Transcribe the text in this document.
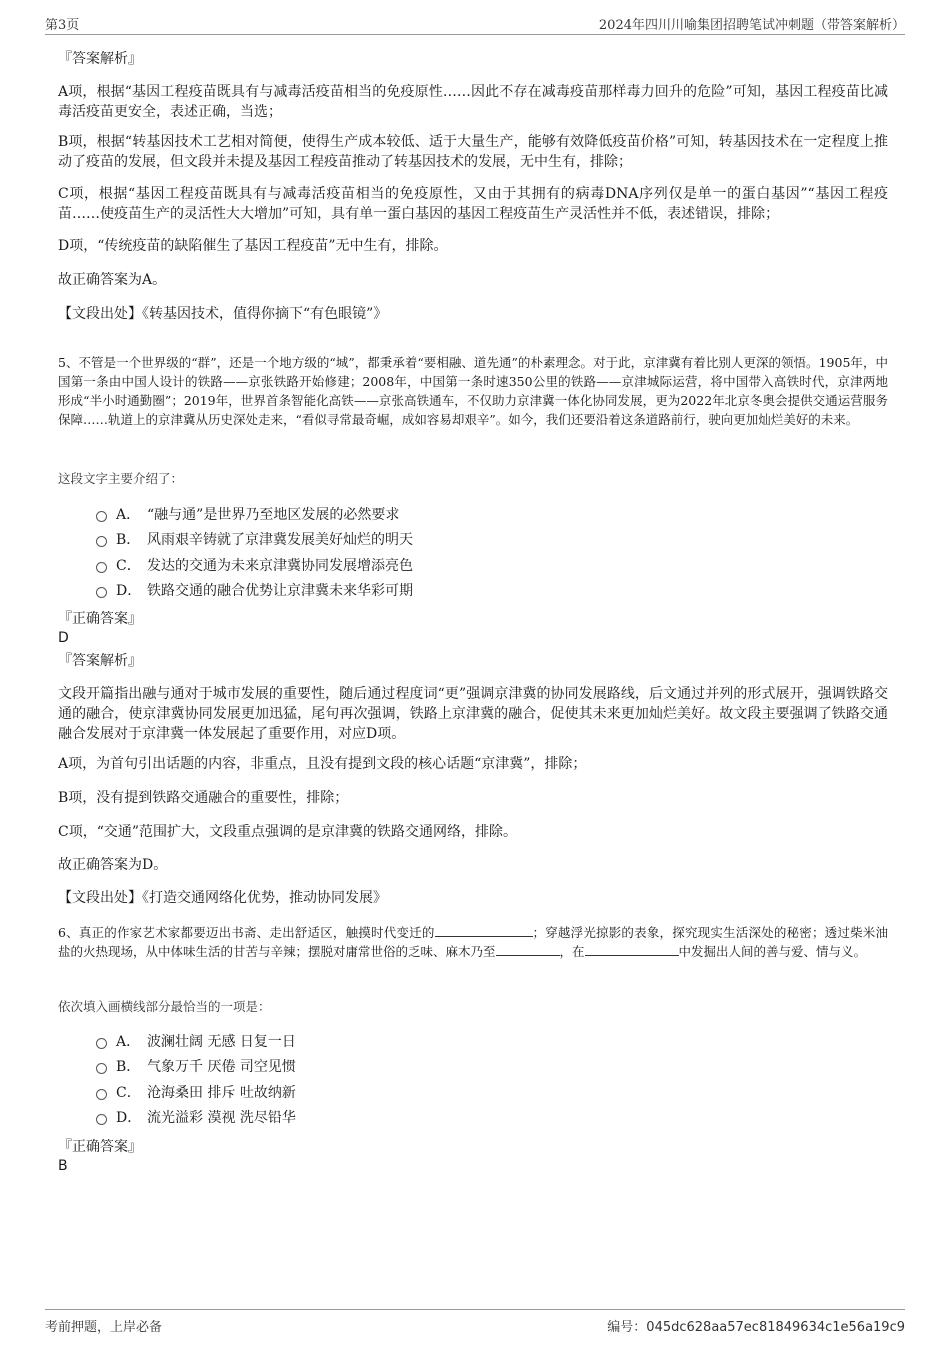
第3页	2024年四川川喻集团招聘笔试冲刺题（带答案解析）
『答案解析』

A项，根据“基因工程疫苗既具有与减毒活疫苗相当的免疫原性……因此不存在减毒疫苗那样毒力回升的危险”可知，基因工程疫苗比减毒活疫苗更安全，表述正确，当选；

B项，根据“转基因技术工艺相对简便，使得生产成本较低、适于大量生产，能够有效降低疫苗价格”可知，转基因技术在一定程度上推动了疫苗的发展，但文段并未提及基因工程疫苗推动了转基因技术的发展，无中生有，排除；

C项，根据“基因工程疫苗既具有与减毒活疫苗相当的免疫原性，又由于其拥有的病毒DNA序列仅是单一的蛋白基因”“基因工程疫苗……使疫苗生产的灵活性大大增加”可知，具有单一蛋白基因的基因工程疫苗生产灵活性并不低，表述错误，排除；

D项，“传统疫苗的缺陷催生了基因工程疫苗”无中生有，排除。

故正确答案为A。

【文段出处】《转基因技术，值得你摘下“有色眼镜”》

5、不管是一个世界级的“群”，还是一个地方级的“城”，都秉承着“要相融、道先通”的朴素理念。对于此，京津冀有着比别人更深的领悟。1905年，中国第一条由中国人设计的铁路——京张铁路开始修建；2008年，中国第一条时速350公里的铁路——京津城际运营，将中国带入高铁时代，京津两地形成“半小时通勤圈”；2019年，世界首条智能化高铁——京张高铁通车，不仅助力京津冀一体化协同发展，更为2022年北京冬奥会提供交通运营服务保障……轨道上的京津冀从历史深处走来，“看似寻常最奇崛，成如容易却艰辛”。如今，我们还要沿着这条道路前行，驶向更加灿烂美好的未来。

这段文字主要介绍了：

A． “融与通”是世界乃至地区发展的必然要求
B． 风雨艰辛铸就了京津冀发展美好灿烂的明天
C． 发达的交通为未来京津冀协同发展增添亮色
D． 铁路交通的融合优势让京津冀未来华彩可期
『正确答案』
D
『答案解析』

文段开篇指出融与通对于城市发展的重要性，随后通过程度词“更”强调京津冀的协同发展路线，后文通过并列的形式展开，强调铁路交通的融合，使京津冀协同发展更加迅猛，尾句再次强调，铁路上京津冀的融合，促使其未来更加灿烂美好。故文段主要强调了铁路交通融合发展对于京津冀一体发展起了重要作用，对应D项。

A项，为首句引出话题的内容，非重点，且没有提到文段的核心话题“京津冀”，排除；

B项，没有提到铁路交通融合的重要性，排除；

C项，“交通”范围扩大，文段重点强调的是京津冀的铁路交通网络，排除。

故正确答案为D。

【文段出处】《打造交通网络化优势，推动协同发展》

6、真正的作家艺术家都要迈出书斋、走出舒适区，触摸时代变迁的	；穿越浮光掠影的表象，探究现实生活深处的秘密；透过柴米油盐的火热现场，从中体味生活的甘苦与辛辣；摆脱对庸常世俗的乏味、麻木乃至	，在	中发掘出人间的善与爱、情与义。

依次填入画横线部分最恰当的一项是：

A． 波澜壮阔 无感 日复一日
B． 气象万千 厌倦 司空见惯
C． 沧海桑田 排斥 吐故纳新
D． 流光溢彩 漠视 洗尽铅华
『正确答案』
B
考前押题，上岸必备	编号：045dc628aa57ec81849634c1e56a19c9
